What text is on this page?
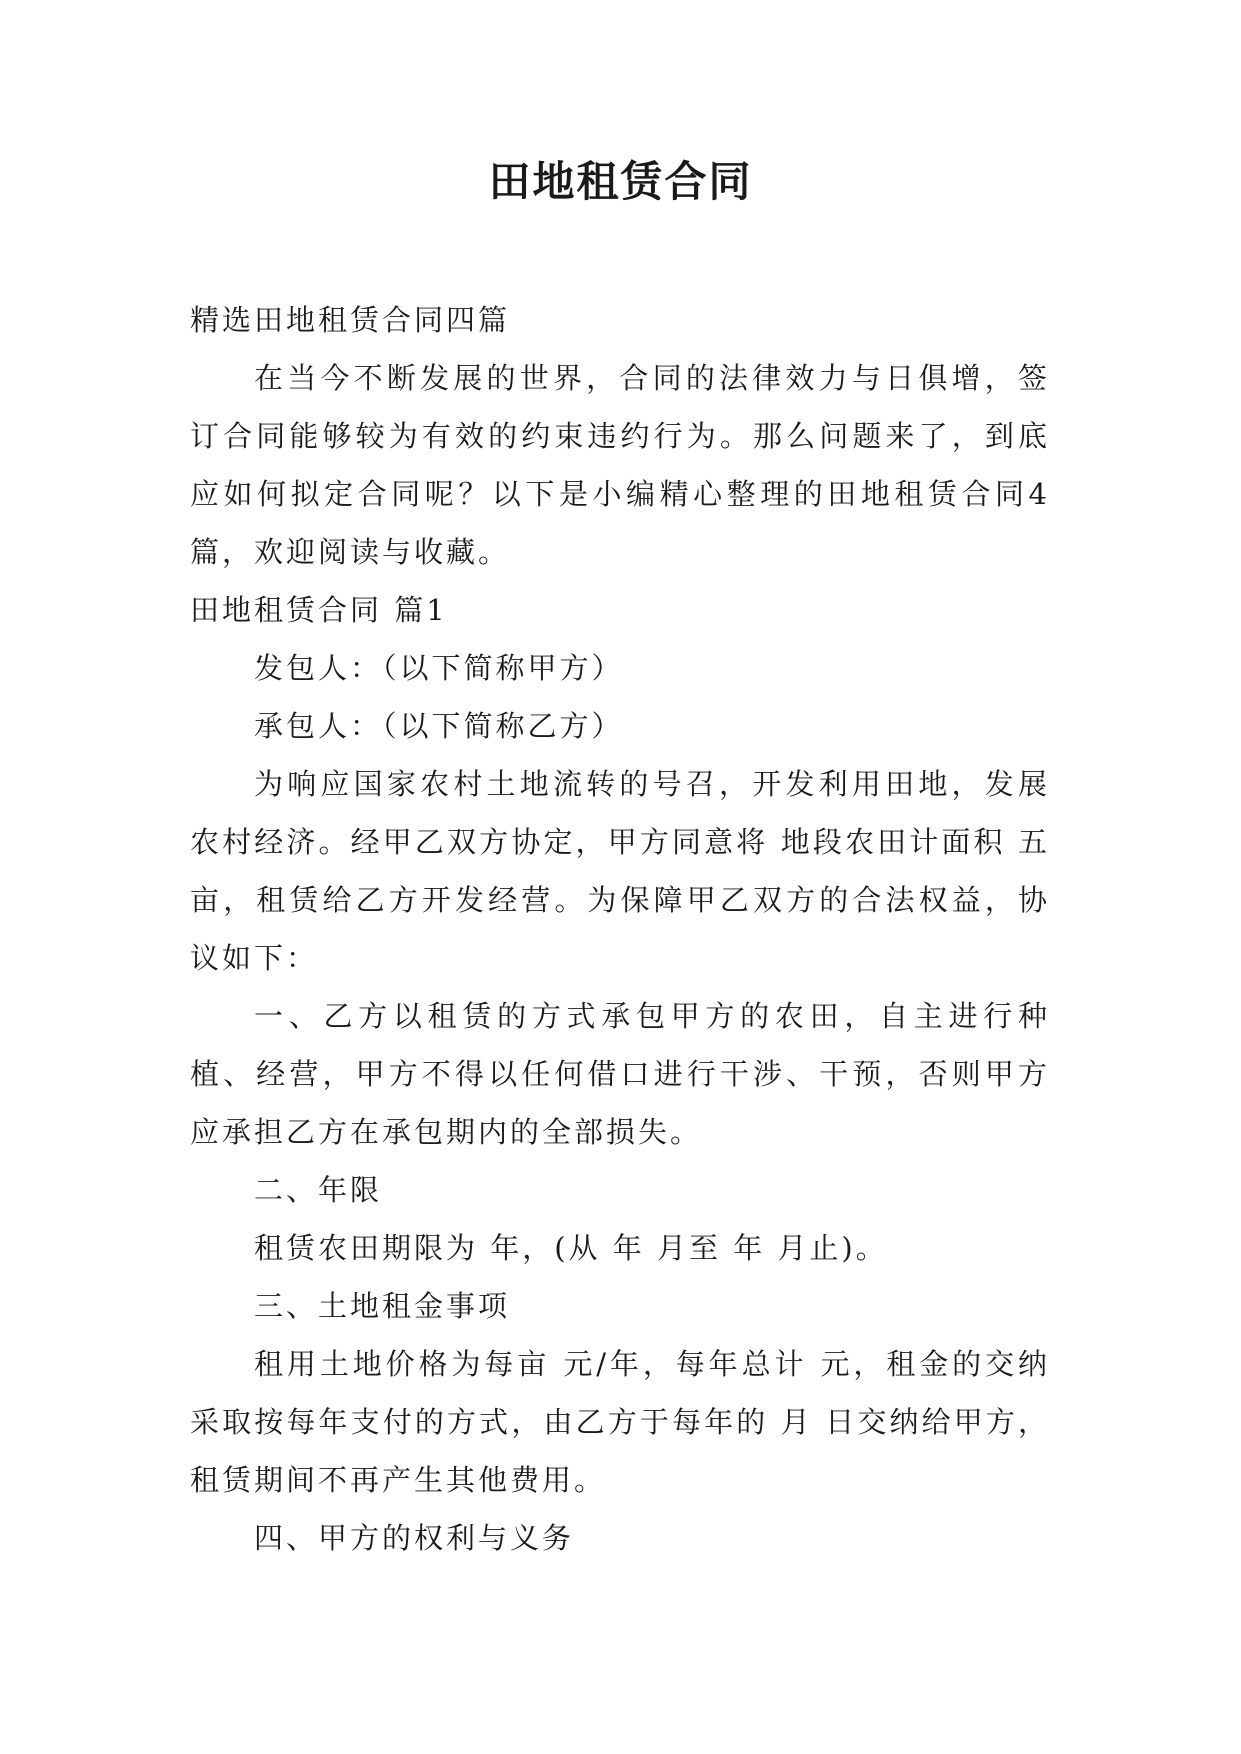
田地租赁合同

精选田地租赁合同四篇

在当今不断发展的世界，合同的法律效力与日俱增，签订合同能够较为有效的约束违约行为。那么问题来了，到底应如何拟定合同呢？以下是小编精心整理的田地租赁合同4篇，欢迎阅读与收藏。

田地租赁合同 篇1

发包人：（以下简称甲方）

承包人：（以下简称乙方）

为响应国家农村土地流转的号召，开发利用田地，发展农村经济。经甲乙双方协定，甲方同意将 地段农田计面积 五 亩，租赁给乙方开发经营。为保障甲乙双方的合法权益，协议如下：

一、乙方以租赁的方式承包甲方的农田，自主进行种植、经营，甲方不得以任何借口进行干涉、干预，否则甲方应承担乙方在承包期内的全部损失。

二、年限

租赁农田期限为 年，(从 年 月至 年 月止)。

三、土地租金事项

租用土地价格为每亩 元/年，每年总计 元，租金的交纳采取按每年支付的方式，由乙方于每年的 月 日交纳给甲方，租赁期间不再产生其他费用。

四、甲方的权利与义务
